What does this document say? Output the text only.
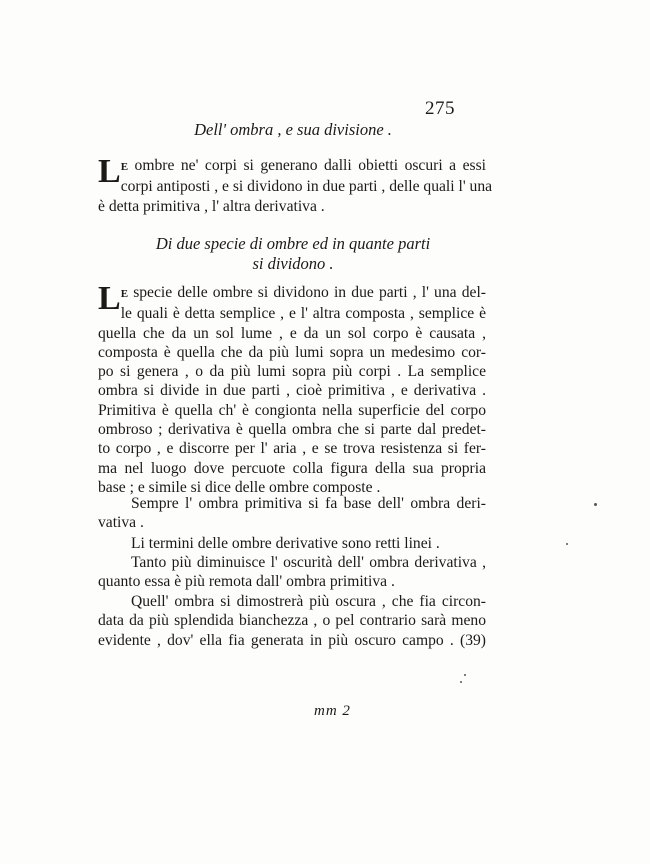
275
Dell' ombra , e sua divisione .
L E ombre ne' corpi si generano dalli obietti oscuri a essi
corpi antiposti , e si dividono in due parti , delle quali l' una
è detta primitiva , l' altra derivativa .
Di due specie di ombre ed in quante parti
si dividono .
L E specie delle ombre si dividono in due parti , l' una del-
le quali è detta semplice , e l' altra composta , semplice è
quella che da un sol lume , e da un sol corpo è causata ,
composta è quella che da più lumi sopra un medesimo cor-
po si genera , o da più lumi sopra più corpi . La semplice
ombra si divide in due parti , cioè primitiva , e derivativa .
Primitiva è quella ch' è congionta nella superficie del corpo
ombroso ; derivativa è quella ombra che si parte dal predet-
to corpo , e discorre per l' aria , e se trova resistenza si fer-
ma nel luogo dove percuote colla figura della sua propria
base ; e simile si dice delle ombre composte .
Sempre l' ombra primitiva si fa base dell' ombra deri-
vativa .
Li termini delle ombre derivative sono retti linei .
Tanto più diminuisce l' oscurità dell' ombra derivativa ,
quanto essa è più remota dall' ombra primitiva .
Quell' ombra si dimostrerà più oscura , che fia circon-
data da più splendida bianchezza , o pel contrario sarà meno
evidente , dov' ella fia generata in più oscuro campo . (39)
mm 2
